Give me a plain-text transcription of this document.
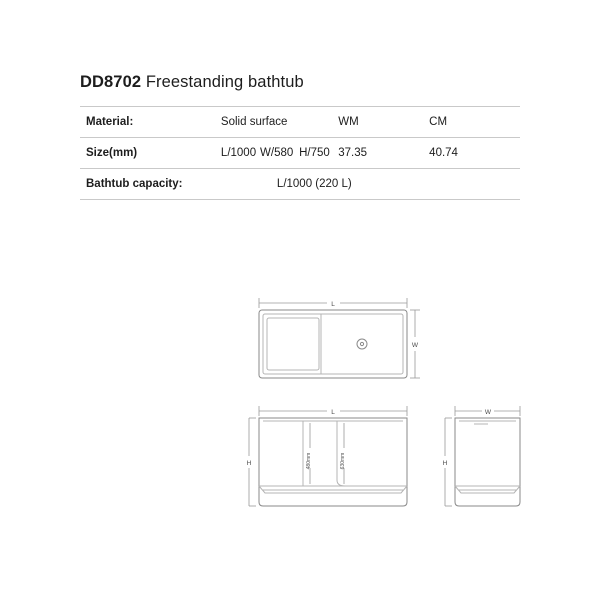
DD8702 Freestanding bathtub
Material:	Solid surface			WM	CM
Size(mm)	L/1000	W/580	H/750	37.35	40.74
Bathtub capacity:	L/1000 (220 L)				
L
W
L
480mm	630mm
H
W
H
